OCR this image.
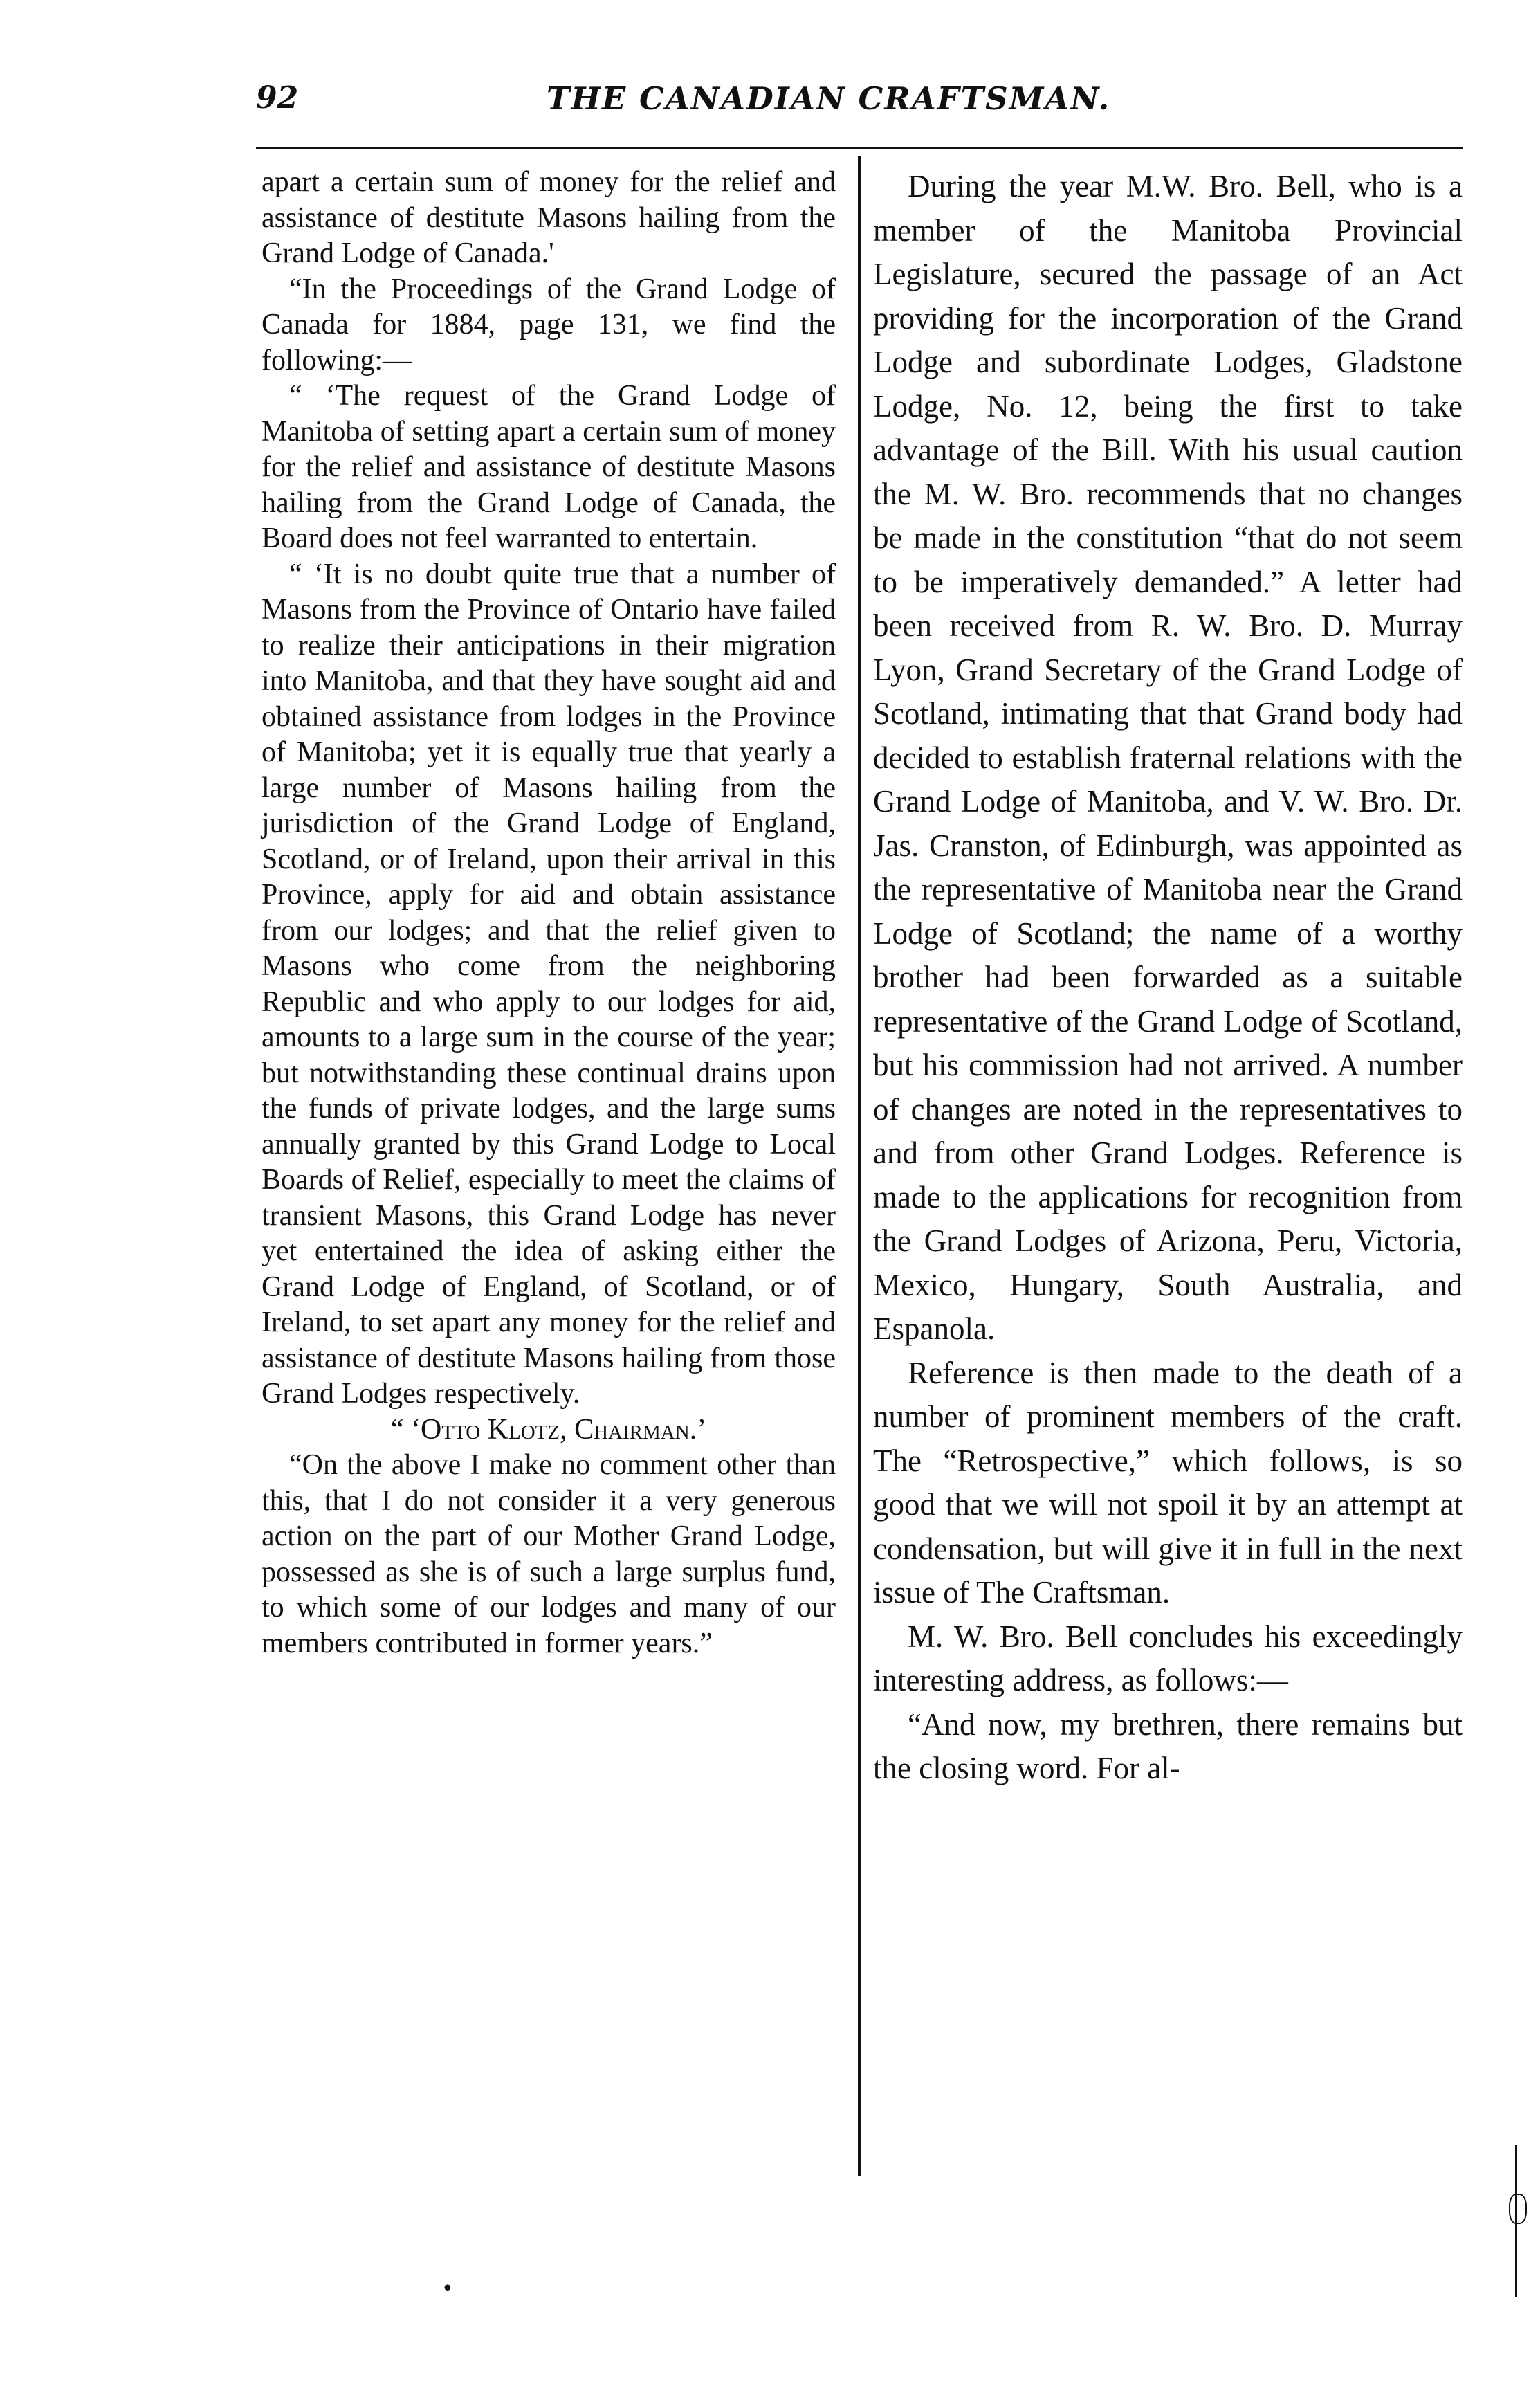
92	THE CANADIAN CRAFTSMAN.

apart a certain sum of money for the relief and assistance of destitute Masons hailing from the Grand Lodge of Canada.'

“In the Proceedings of the Grand Lodge of Canada for 1884, page 131, we find the following:—

“ ‘The request of the Grand Lodge of Manitoba of setting apart a certain sum of money for the relief and assistance of destitute Masons hailing from the Grand Lodge of Canada, the Board does not feel warranted to entertain.

“ ‘It is no doubt quite true that a number of Masons from the Province of Ontario have failed to realize their anticipations in their migration into Manitoba, and that they have sought aid and obtained assistance from lodges in the Province of Manitoba; yet it is equally true that yearly a large number of Masons hailing from the jurisdiction of the Grand Lodge of England, Scotland, or of Ireland, upon their arrival in this Province, apply for aid and obtain assistance from our lodges; and that the relief given to Masons who come from the neighboring Republic and who apply to our lodges for aid, amounts to a large sum in the course of the year; but notwithstanding these continual drains upon the funds of private lodges, and the large sums annually granted by this Grand Lodge to Local Boards of Relief, especially to meet the claims of transient Masons, this Grand Lodge has never yet entertained the idea of asking either the Grand Lodge of England, of Scotland, or of Ireland, to set apart any money for the relief and assistance of destitute Masons hailing from those Grand Lodges respectively.

“ ‘Otto Klotz, Chairman.’

“On the above I make no comment other than this, that I do not consider it a very generous action on the part of our Mother Grand Lodge, possessed as she is of such a large surplus fund, to which some of our lodges and many of our members contributed in former years.”

During the year M.W. Bro. Bell, who is a member of the Manitoba Provincial Legislature, secured the passage of an Act providing for the incorporation of the Grand Lodge and subordinate Lodges, Gladstone Lodge, No. 12, being the first to take advantage of the Bill. With his usual caution the M. W. Bro. recommends that no changes be made in the constitution “that do not seem to be imperatively demanded.” A letter had been received from R. W. Bro. D. Murray Lyon, Grand Secretary of the Grand Lodge of Scotland, intimating that that Grand body had decided to establish fraternal relations with the Grand Lodge of Manitoba, and V. W. Bro. Dr. Jas. Cranston, of Edinburgh, was appointed as the representative of Manitoba near the Grand Lodge of Scotland; the name of a worthy brother had been forwarded as a suitable representative of the Grand Lodge of Scotland, but his commission had not arrived. A number of changes are noted in the representatives to and from other Grand Lodges. Reference is made to the applications for recognition from the Grand Lodges of Arizona, Peru, Victoria, Mexico, Hungary, South Australia, and Espanola.

Reference is then made to the death of a number of prominent members of the craft. The “Retrospective,” which follows, is so good that we will not spoil it by an attempt at condensation, but will give it in full in the next issue of The Craftsman.

M. W. Bro. Bell concludes his exceedingly interesting address, as follows:—

“And now, my brethren, there remains but the closing word. For al-

•
